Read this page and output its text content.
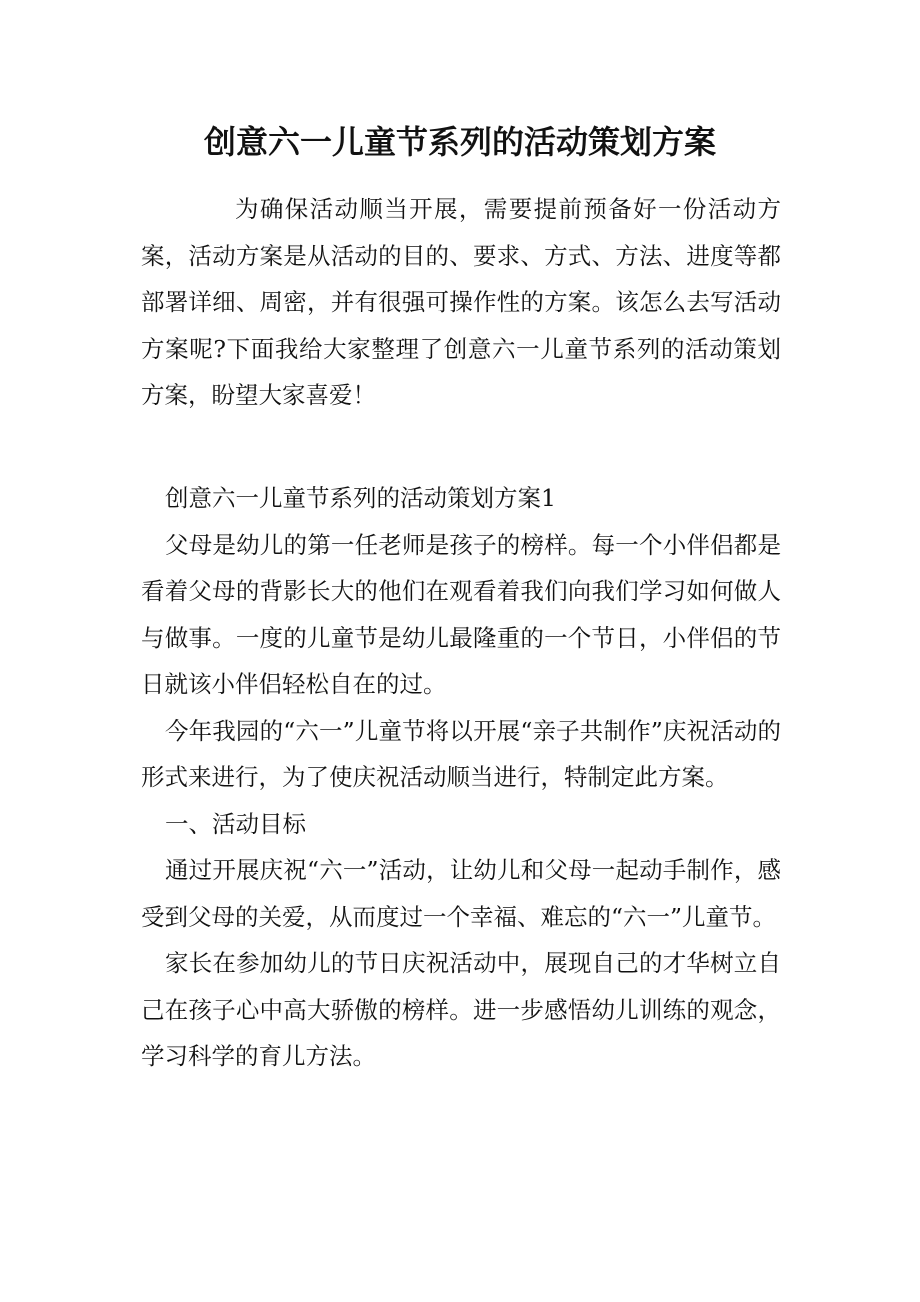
创意六一儿童节系列的活动策划方案

为确保活动顺当开展，需要提前预备好一份活动方案，活动方案是从活动的目的、要求、方式、方法、进度等都部署详细、周密，并有很强可操作性的方案。该怎么去写活动方案呢?下面我给大家整理了创意六一儿童节系列的活动策划方案，盼望大家喜爱！

创意六一儿童节系列的活动策划方案1

父母是幼儿的第一任老师是孩子的榜样。每一个小伴侣都是看着父母的背影长大的他们在观看着我们向我们学习如何做人与做事。一度的儿童节是幼儿最隆重的一个节日，小伴侣的节日就该小伴侣轻松自在的过。

今年我园的“六一”儿童节将以开展“亲子共制作”庆祝活动的形式来进行，为了使庆祝活动顺当进行，特制定此方案。

一、活动目标

通过开展庆祝“六一”活动，让幼儿和父母一起动手制作，感受到父母的关爱，从而度过一个幸福、难忘的“六一”儿童节。

家长在参加幼儿的节日庆祝活动中，展现自己的才华树立自己在孩子心中高大骄傲的榜样。进一步感悟幼儿训练的观念，学习科学的育儿方法。
